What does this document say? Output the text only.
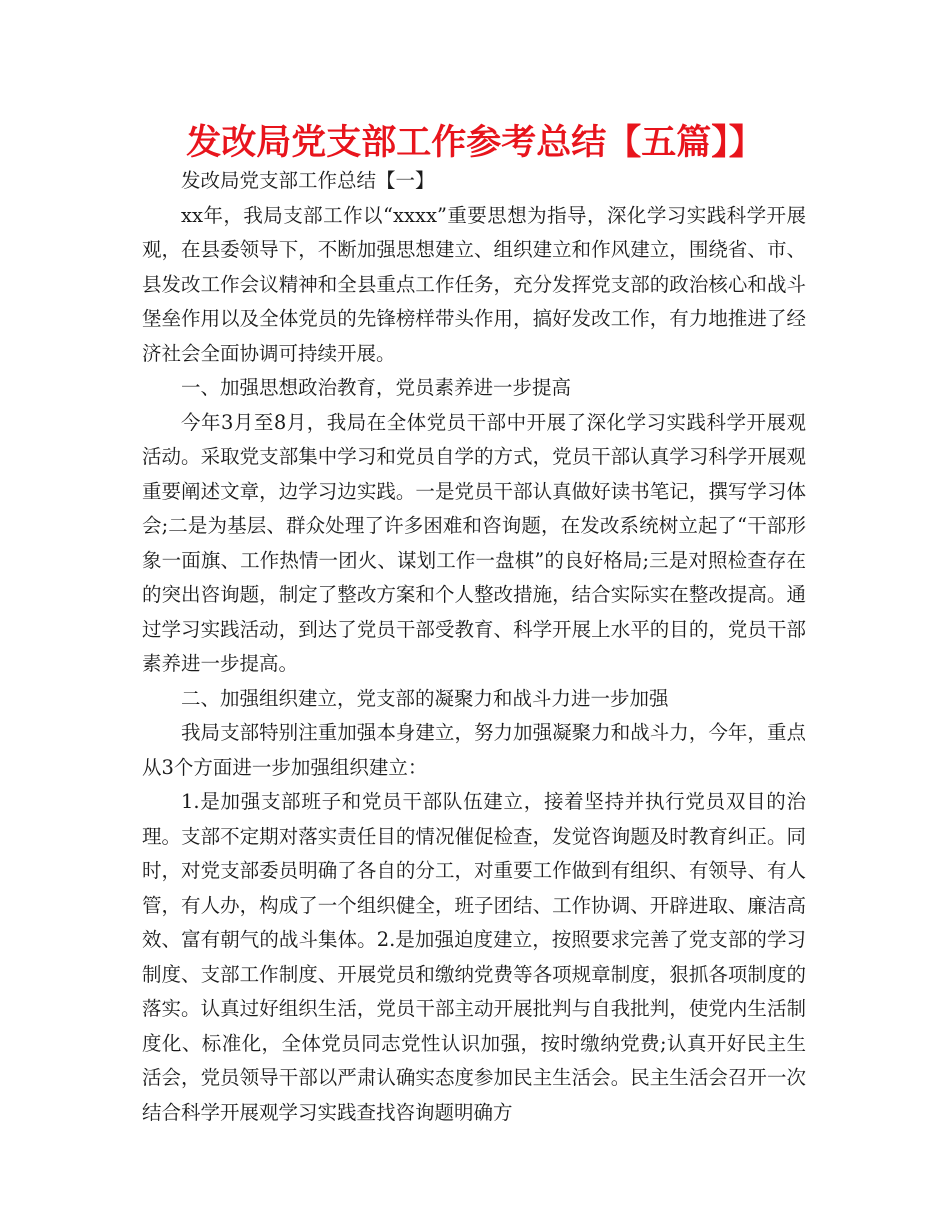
发改局党支部工作参考总结【五篇】】

发改局党支部工作总结【一】

xx年，我局支部工作以“xxxx”重要思想为指导，深化学习实践科学开展观，在县委领导下，不断加强思想建立、组织建立和作风建立，围绕省、市、县发改工作会议精神和全县重点工作任务，充分发挥党支部的政治核心和战斗堡垒作用以及全体党员的先锋榜样带头作用，搞好发改工作，有力地推进了经济社会全面协调可持续开展。

一、加强思想政治教育，党员素养进一步提高

今年3月至8月，我局在全体党员干部中开展了深化学习实践科学开展观活动。采取党支部集中学习和党员自学的方式，党员干部认真学习科学开展观重要阐述文章，边学习边实践。一是党员干部认真做好读书笔记，撰写学习体会;二是为基层、群众处理了许多困难和咨询题，在发改系统树立起了“干部形象一面旗、工作热情一团火、谋划工作一盘棋”的良好格局;三是对照检查存在的突出咨询题，制定了整改方案和个人整改措施，结合实际实在整改提高。通过学习实践活动，到达了党员干部受教育、科学开展上水平的目的，党员干部素养进一步提高。

二、加强组织建立，党支部的凝聚力和战斗力进一步加强

我局支部特别注重加强本身建立，努力加强凝聚力和战斗力，今年，重点从3个方面进一步加强组织建立：

1.是加强支部班子和党员干部队伍建立，接着坚持并执行党员双目的治理。支部不定期对落实责任目的情况催促检查，发觉咨询题及时教育纠正。同时，对党支部委员明确了各自的分工，对重要工作做到有组织、有领导、有人管，有人办，构成了一个组织健全，班子团结、工作协调、开辟进取、廉洁高效、富有朝气的战斗集体。2.是加强迫度建立，按照要求完善了党支部的学习制度、支部工作制度、开展党员和缴纳党费等各项规章制度，狠抓各项制度的落实。认真过好组织生活，党员干部主动开展批判与自我批判，使党内生活制度化、标准化，全体党员同志党性认识加强，按时缴纳党费;认真开好民主生活会，党员领导干部以严肃认确实态度参加民主生活会。民主生活会召开一次结合科学开展观学习实践查找咨询题明确方
